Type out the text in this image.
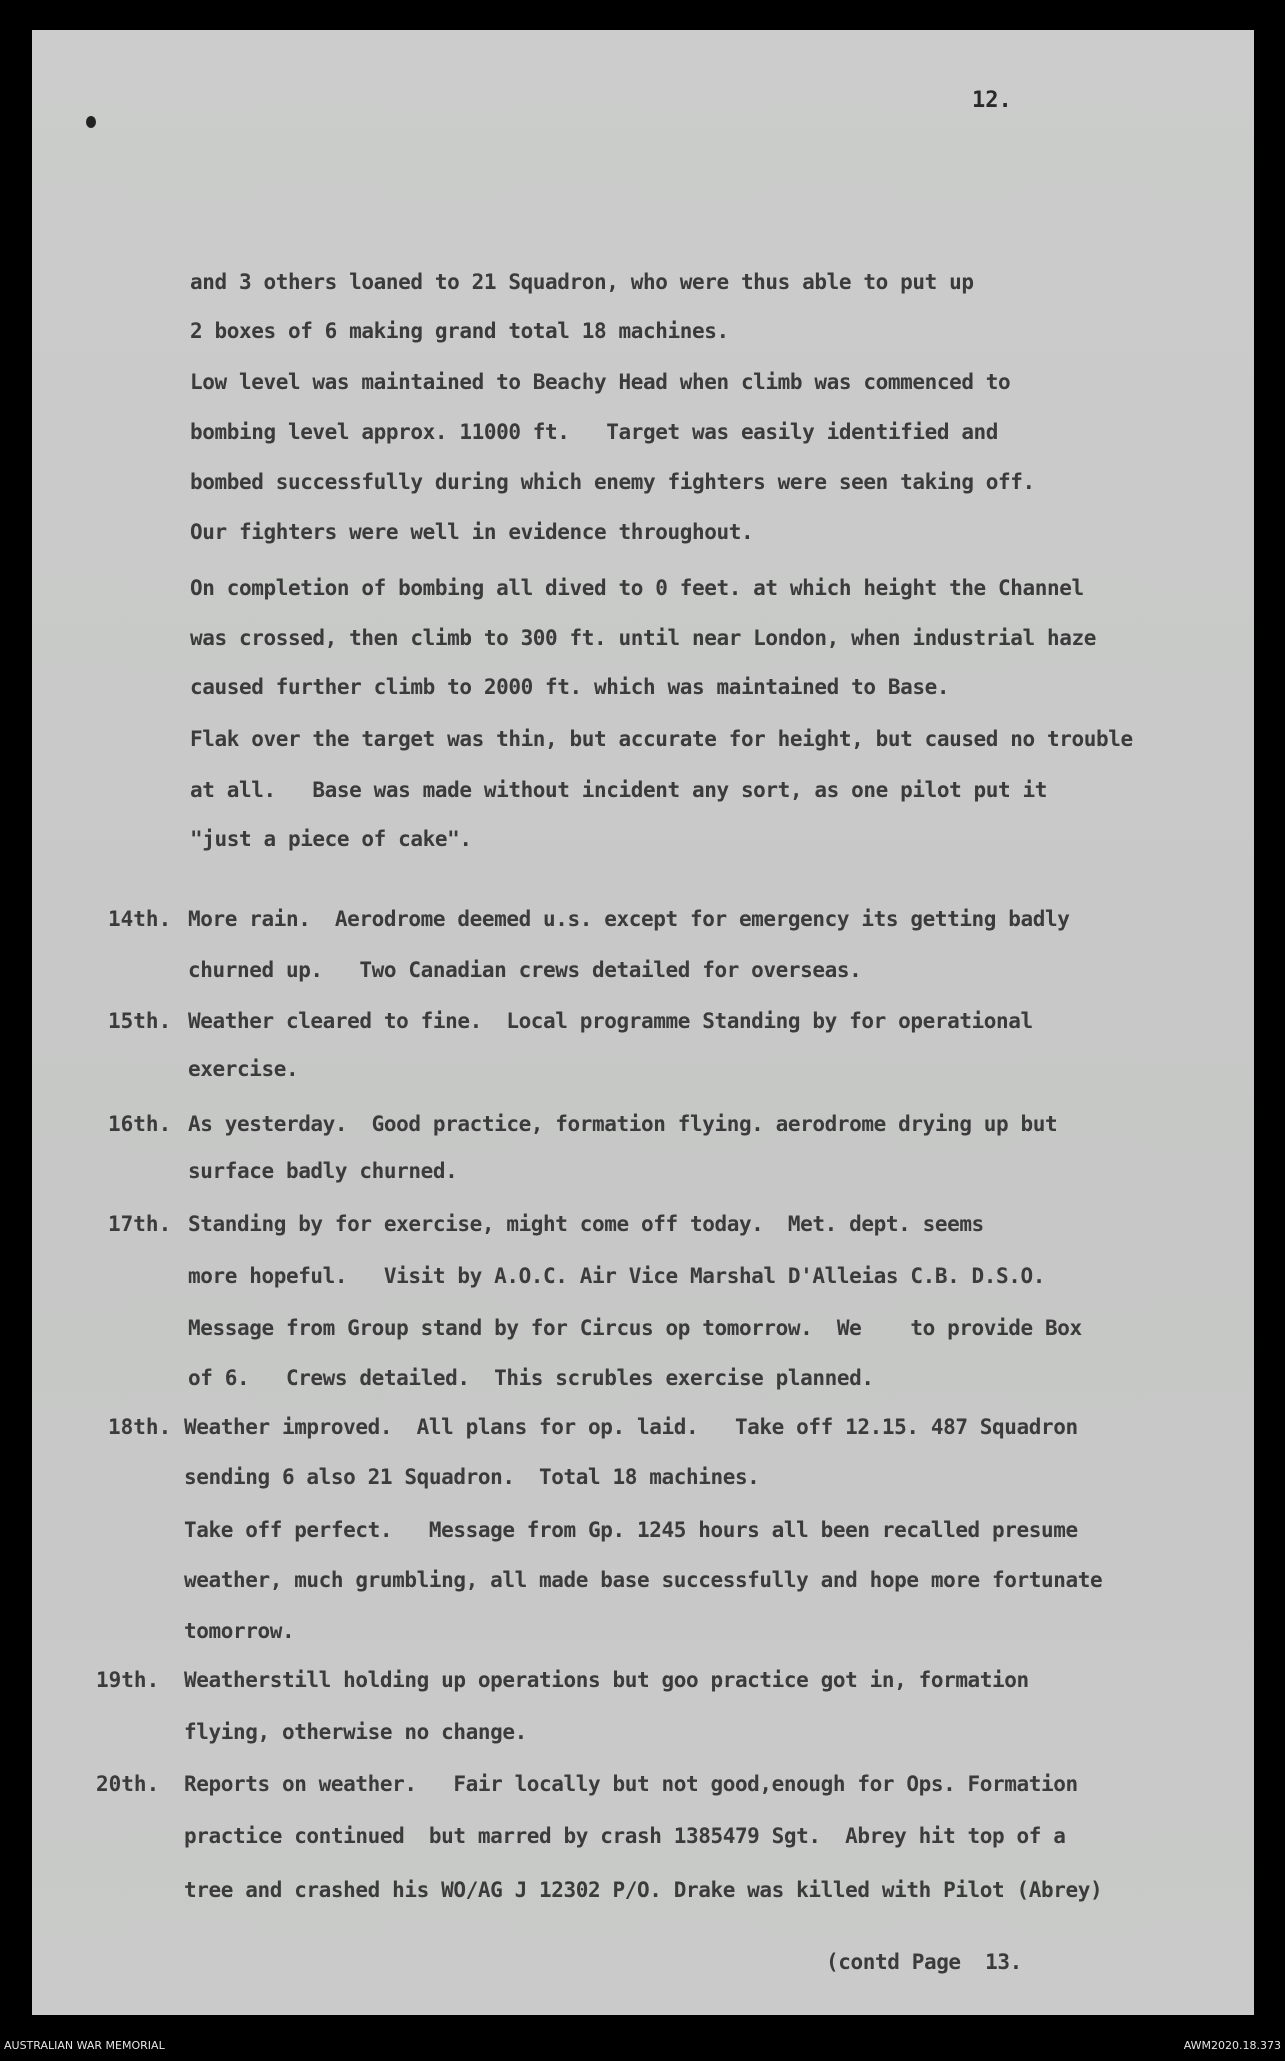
12.
and 3 others loaned to 21 Squadron, who were thus able to put up
2 boxes of 6 making grand total 18 machines.
Low level was maintained to Beachy Head when climb was commenced to
bombing level approx. 11000 ft.   Target was easily identified and
bombed successfully during which enemy fighters were seen taking off.
Our fighters were well in evidence throughout.
On completion of bombing all dived to 0 feet. at which height the Channel
was crossed, then climb to 300 ft. until near London, when industrial haze
caused further climb to 2000 ft. which was maintained to Base.
Flak over the target was thin, but accurate for height, but caused no trouble
at all.   Base was made without incident any sort, as one pilot put it
"just a piece of cake".
14th. More rain.  Aerodrome deemed u.s. except for emergency its getting badly
churned up.   Two Canadian crews detailed for overseas.
15th. Weather cleared to fine.  Local programme Standing by for operational
exercise.
16th. As yesterday.  Good practice, formation flying. aerodrome drying up but
surface badly churned.
17th. Standing by for exercise, might come off today.  Met. dept. seems
more hopeful.   Visit by A.O.C. Air Vice Marshal D'Alleias C.B. D.S.O.
Message from Group stand by for Circus op tomorrow.  We    to provide Box
of 6.   Crews detailed.  This scrubles exercise planned.
18th. Weather improved.  All plans for op. laid.   Take off 12.15. 487 Squadron
sending 6 also 21 Squadron.  Total 18 machines.
Take off perfect.   Message from Gp. 1245 hours all been recalled presume
weather, much grumbling, all made base successfully and hope more fortunate
tomorrow.
19th. Weatherstill holding up operations but goo practice got in, formation
flying, otherwise no change.
20th. Reports on weather.   Fair locally but not good,enough for Ops. Formation
practice continued  but marred by crash 1385479 Sgt.  Abrey hit top of a
tree and crashed his WO/AG J 12302 P/O. Drake was killed with Pilot (Abrey)
(contd Page  13.
AUSTRALIAN WAR MEMORIAL	AWM2020.18.373
